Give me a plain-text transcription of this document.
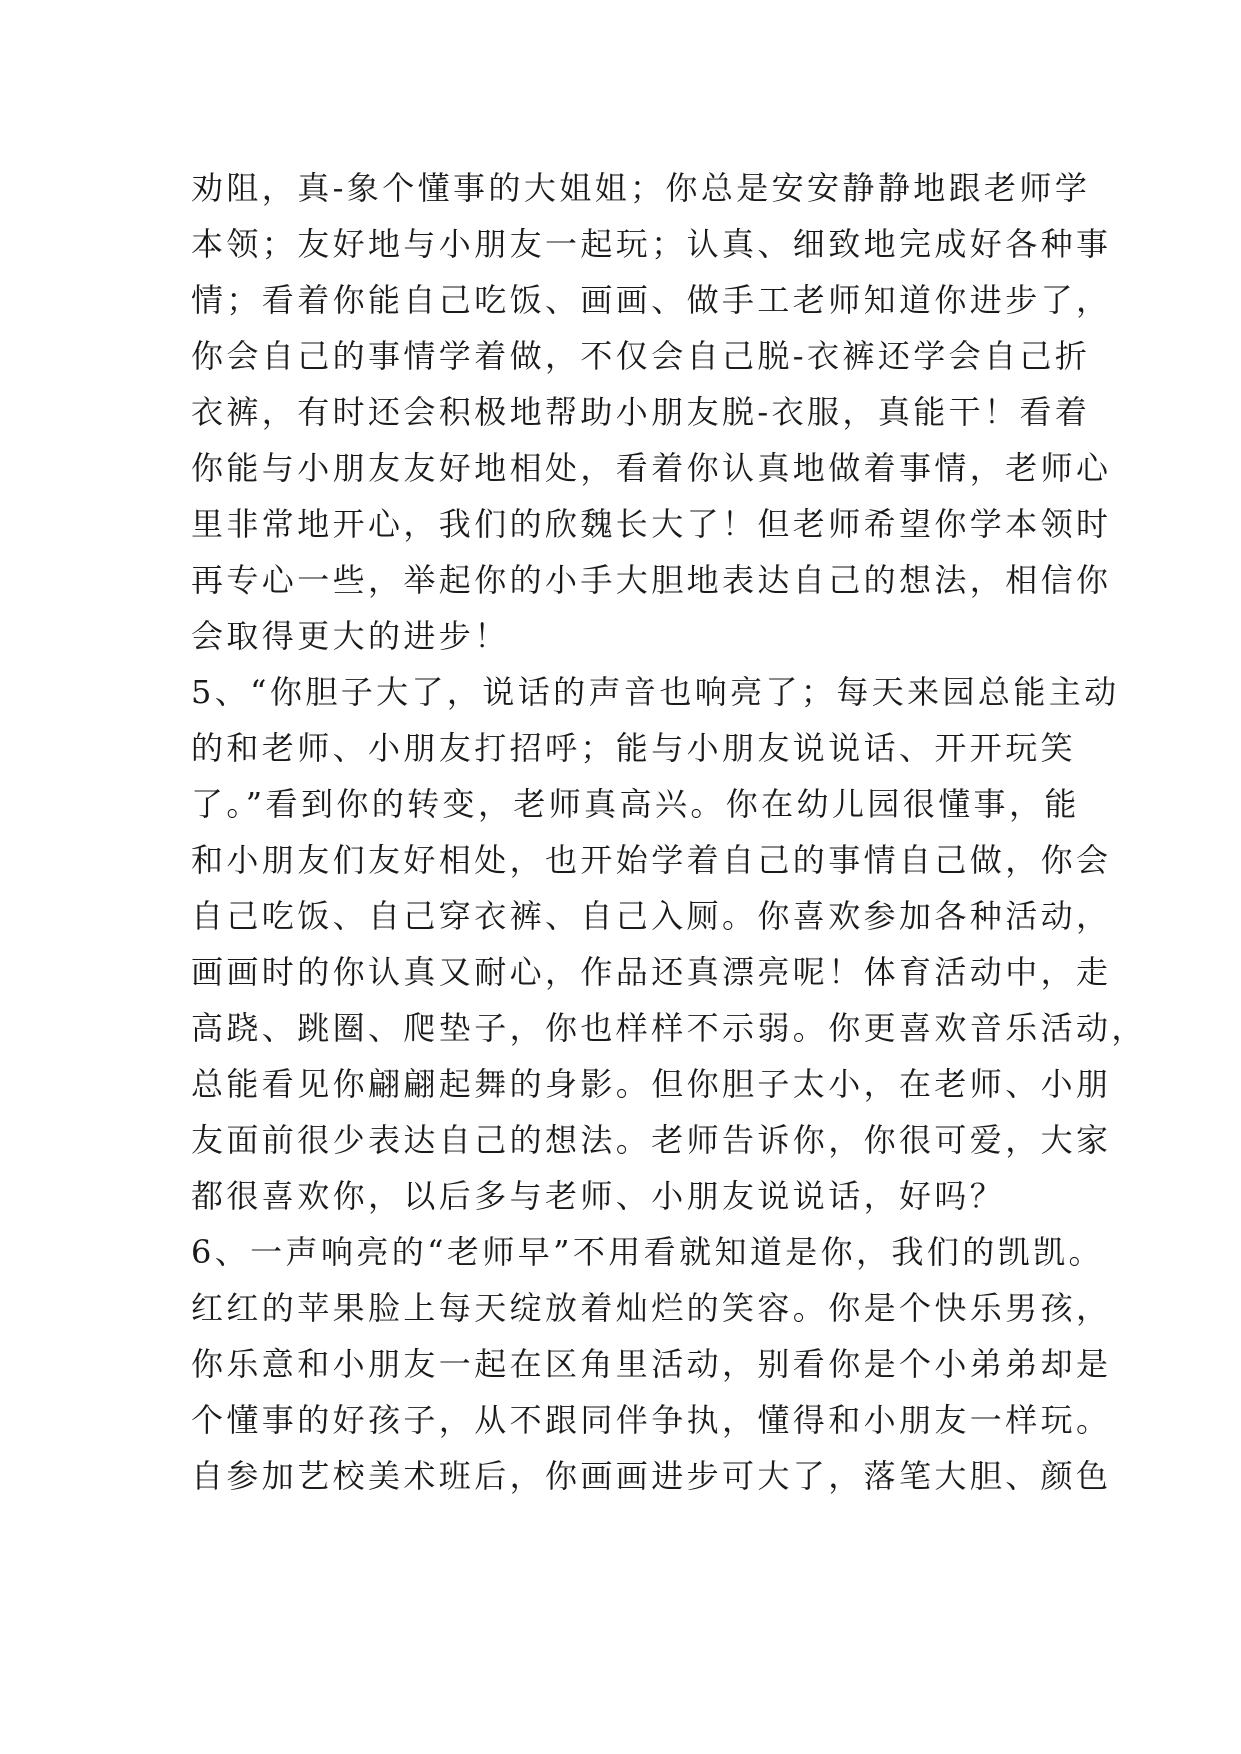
劝阻，真-象个懂事的大姐姐；你总是安安静静地跟老师学
本领；友好地与小朋友一起玩；认真、细致地完成好各种事
情；看着你能自己吃饭、画画、做手工老师知道你进步了，
你会自己的事情学着做，不仅会自己脱-衣裤还学会自己折
衣裤，有时还会积极地帮助小朋友脱-衣服，真能干！看着
你能与小朋友友好地相处，看着你认真地做着事情，老师心
里非常地开心，我们的欣魏长大了！但老师希望你学本领时
再专心一些，举起你的小手大胆地表达自己的想法，相信你
会取得更大的进步！
5、“你胆子大了，说话的声音也响亮了；每天来园总能主动
的和老师、小朋友打招呼；能与小朋友说说话、开开玩笑
了。”看到你的转变，老师真高兴。你在幼儿园很懂事，能
和小朋友们友好相处，也开始学着自己的事情自己做，你会
自己吃饭、自己穿衣裤、自己入厕。你喜欢参加各种活动，
画画时的你认真又耐心，作品还真漂亮呢！体育活动中，走
高跷、跳圈、爬垫子，你也样样不示弱。你更喜欢音乐活动，
总能看见你翩翩起舞的身影。但你胆子太小，在老师、小朋
友面前很少表达自己的想法。老师告诉你，你很可爱，大家
都很喜欢你，以后多与老师、小朋友说说话，好吗？
6、一声响亮的“老师早”不用看就知道是你，我们的凯凯。
红红的苹果脸上每天绽放着灿烂的笑容。你是个快乐男孩，
你乐意和小朋友一起在区角里活动，别看你是个小弟弟却是
个懂事的好孩子，从不跟同伴争执，懂得和小朋友一样玩。
自参加艺校美术班后，你画画进步可大了，落笔大胆、颜色
